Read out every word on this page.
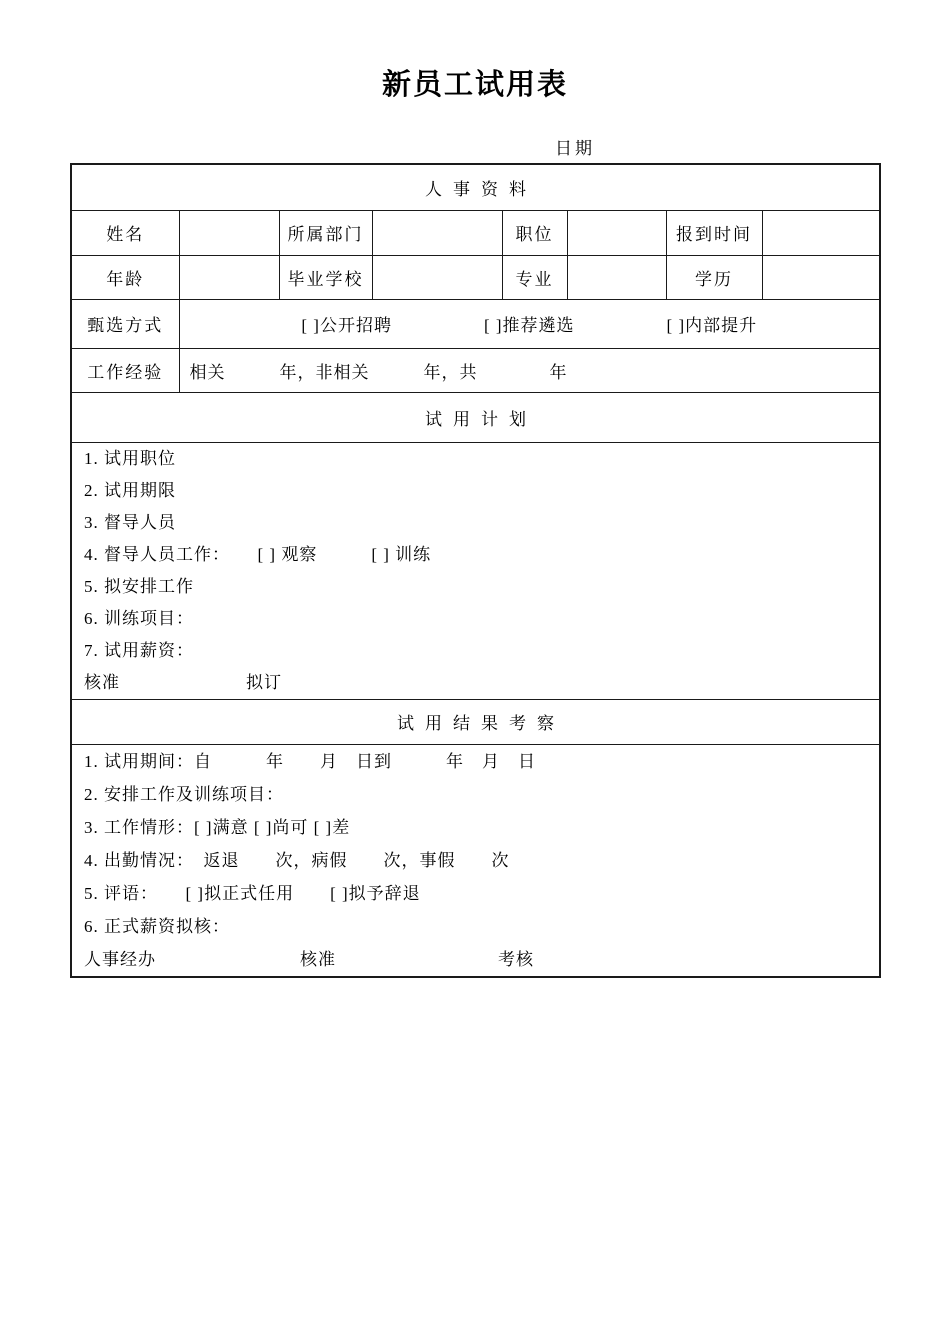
新员工试用表
日期
人事资料							
姓名		所属部门		职位		报到时间	
年龄		毕业学校		专业		学历	
甄选方式	[ ]公开招聘 [ ]推荐遴选 [ ]内部提升						

工作经验	相关　　　年，非相关　　　年，共　　　　年						
试用计划							

1. 试用职位
2. 试用期限
3. 督导人员
4. 督导人员工作：　　[ ] 观察　　　[ ] 训练
5. 拟安排工作
6. 训练项目：
7. 试用薪资：
核准　　　　　　　拟订

试用结果考察							

1. 试用期间：自　　　年　　月　日到　　　年　月　日
2. 安排工作及训练项目：
3. 工作情形：[ ]满意 [ ]尚可 [ ]差
4. 出勤情况：　返退　　次，病假　　次，事假　　次
5. 评语：　　[ ]拟正式任用　　[ ]拟予辞退
6. 正式薪资拟核：
人事经办　　　　　　　　核准　　　　　　　　　考核
